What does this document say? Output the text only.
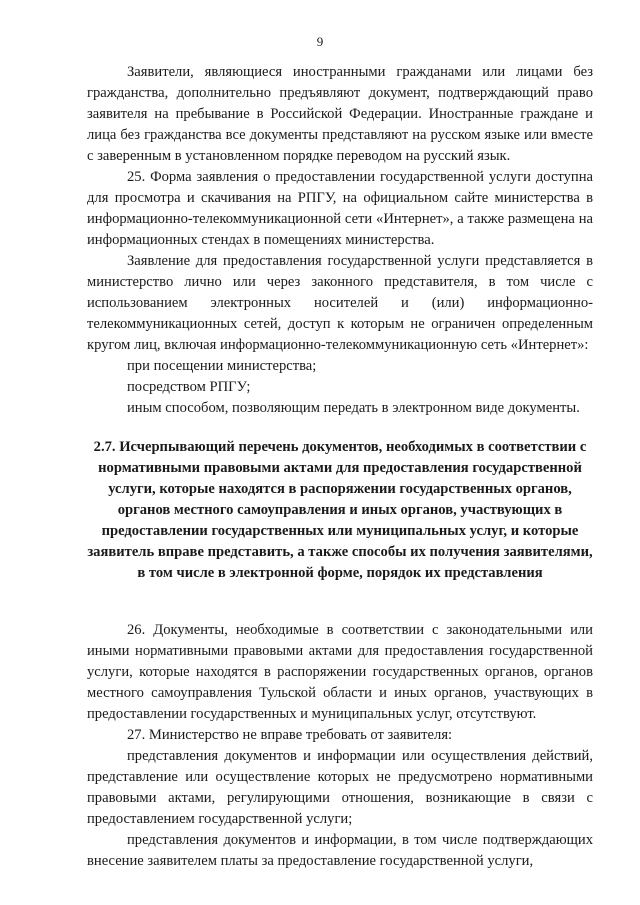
9

Заявители, являющиеся иностранными гражданами или лицами без гражданства, дополнительно предъявляют документ, подтверждающий право заявителя на пребывание в Российской Федерации. Иностранные граждане и лица без гражданства все документы представляют на русском языке или вместе с заверенным в установленном порядке переводом на русский язык.

25. Форма заявления о предоставлении государственной услуги доступна для просмотра и скачивания на РПГУ, на официальном сайте министерства в информационно-телекоммуникационной сети «Интернет», а также размещена на информационных стендах в помещениях министерства.

Заявление для предоставления государственной услуги представляется в министерство лично или через законного представителя, в том числе с использованием электронных носителей и (или) информационно-телекоммуникационных сетей, доступ к которым не ограничен определенным кругом лиц, включая информационно-телекоммуникационную сеть «Интернет»:

при посещении министерства;
посредством РПГУ;
иным способом, позволяющим передать в электронном виде документы.
2.7. Исчерпывающий перечень документов, необходимых в соответствии с нормативными правовыми актами для предоставления государственной услуги, которые находятся в распоряжении государственных органов, органов местного самоуправления и иных органов, участвующих в предоставлении государственных или муниципальных услуг, и которые заявитель вправе представить, а также способы их получения заявителями, в том числе в электронной форме, порядок их представления

26. Документы, необходимые в соответствии с законодательными или иными нормативными правовыми актами для предоставления государственной услуги, которые находятся в распоряжении государственных органов, органов местного самоуправления Тульской области и иных органов, участвующих в предоставлении государственных и муниципальных услуг, отсутствуют.

27. Министерство не вправе требовать от заявителя:

представления документов и информации или осуществления действий, представление или осуществление которых не предусмотрено нормативными правовыми актами, регулирующими отношения, возникающие в связи с предоставлением государственной услуги;

представления документов и информации, в том числе подтверждающих внесение заявителем платы за предоставление государственной услуги,
